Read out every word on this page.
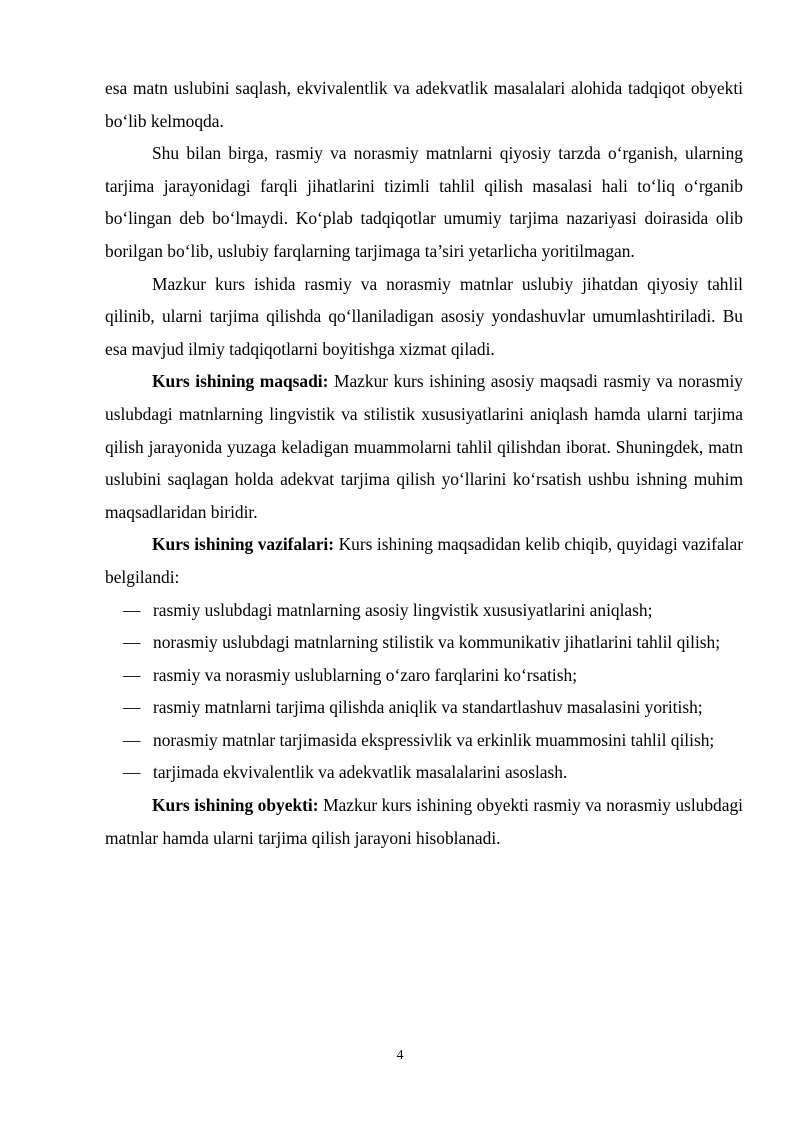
esa matn uslubini saqlash, ekvivalentlik va adekvatlik masalalari alohida tadqiqot obyekti bo‘lib kelmoqda.

Shu bilan birga, rasmiy va norasmiy matnlarni qiyosiy tarzda o‘rganish, ularning tarjima jarayonidagi farqli jihatlarini tizimli tahlil qilish masalasi hali to‘liq o‘rganib bo‘lingan deb bo‘lmaydi. Ko‘plab tadqiqotlar umumiy tarjima nazariyasi doirasida olib borilgan bo‘lib, uslubiy farqlarning tarjimaga ta’siri yetarlicha yoritilmagan.

Mazkur kurs ishida rasmiy va norasmiy matnlar uslubiy jihatdan qiyosiy tahlil qilinib, ularni tarjima qilishda qo‘llaniladigan asosiy yondashuvlar umumlashtiriladi. Bu esa mavjud ilmiy tadqiqotlarni boyitishga xizmat qiladi.

Kurs ishining maqsadi: Mazkur kurs ishining asosiy maqsadi rasmiy va norasmiy uslubdagi matnlarning lingvistik va stilistik xususiyatlarini aniqlash hamda ularni tarjima qilish jarayonida yuzaga keladigan muammolarni tahlil qilishdan iborat. Shuningdek, matn uslubini saqlagan holda adekvat tarjima qilish yo‘llarini ko‘rsatish ushbu ishning muhim maqsadlaridan biridir.

Kurs ishining vazifalari: Kurs ishining maqsadidan kelib chiqib, quyidagi vazifalar belgilandi:

— rasmiy uslubdagi matnlarning asosiy lingvistik xususiyatlarini aniqlash;
— norasmiy uslubdagi matnlarning stilistik va kommunikativ jihatlarini tahlil qilish;
— rasmiy va norasmiy uslublarning o‘zaro farqlarini ko‘rsatish;
— rasmiy matnlarni tarjima qilishda aniqlik va standartlashuv masalasini yoritish;
— norasmiy matnlar tarjimasida ekspressivlik va erkinlik muammosini tahlil qilish;
— tarjimada ekvivalentlik va adekvatlik masalalarini asoslash.

Kurs ishining obyekti: Mazkur kurs ishining obyekti rasmiy va norasmiy uslubdagi matnlar hamda ularni tarjima qilish jarayoni hisoblanadi.

4
